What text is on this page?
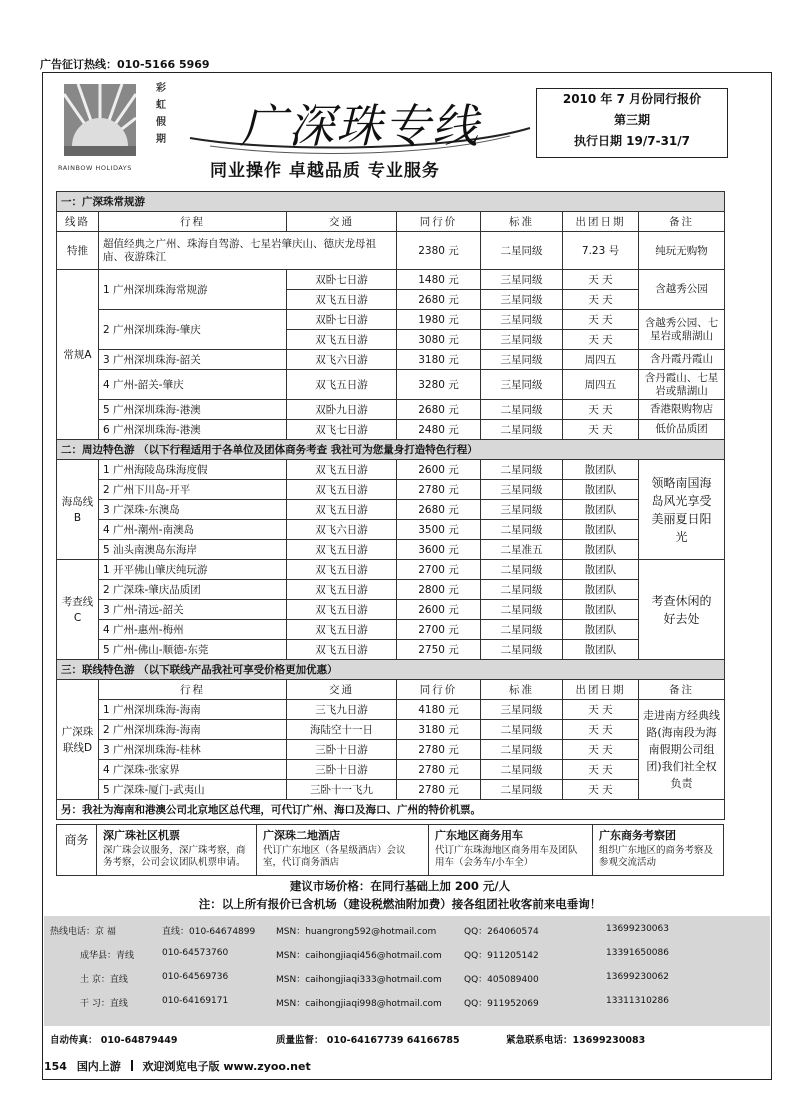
广告征订热线：010-5166 5969
彩虹假期
RAINBOW HOLIDAYS
广深珠专线
同业操作 卓越品质 专业服务
2010 年 7 月份同行报价
第三期
执行日期 19/7-31/7
一：广深珠常规游						
线路	行程	交通	同行价	标准	出团日期	备注
特推	超值经典之广州、珠海自驾游、七星岩肇庆山、德庆龙母祖庙、夜游珠江		2380 元	二星同级	7.23 号	纯玩无购物
常规A	1 广州深圳珠海常规游	双卧七日游	1480 元	三星同级	天 天	含越秀公园
		双飞五日游	2680 元	三星同级	天 天	
	2 广州深圳珠海-肇庆	双卧七日游	1980 元	三星同级	天 天	含越秀公园、七星岩或鼎湖山
		双飞五日游	3080 元	三星同级	天 天	
	3 广州深圳珠海-韶关	双飞六日游	3180 元	三星同级	周四五	含丹霞丹霞山
	4 广州-韶关-肇庆	双飞五日游	3280 元	三星同级	周四五	含丹霞山、七星岩或鼎湖山
	5 广州深圳珠海-港澳	双卧九日游	2680 元	二星同级	天 天	香港限购物店
	6 广州深圳珠海-港澳	双飞七日游	2480 元	二星同级	天 天	低价品质团
二：周边特色游 （以下行程适用于各单位及团体商务考查 我社可为您量身打造特色行程）						
海岛线B	1 广州海陵岛珠海度假	双飞五日游	2600 元	二星同级	散团队	领略南国海岛风光享受美丽夏日阳光
	2 广州下川岛-开平	双飞五日游	2780 元	三星同级	散团队	
	3 广深珠-东澳岛	双飞五日游	2680 元	三星同级	散团队	
	4 广州-潮州-南澳岛	双飞六日游	3500 元	二星同级	散团队	
	5 汕头南澳岛东海岸	双飞五日游	3600 元	二星准五	散团队	
考查线C	1 开平佛山肇庆纯玩游	双飞五日游	2700 元	二星同级	散团队	考查休闲的好去处
	2 广深珠-肇庆品质团	双飞五日游	2800 元	二星同级	散团队	
	3 广州-清远-韶关	双飞五日游	2600 元	二星同级	散团队	
	4 广州-惠州-梅州	双飞五日游	2700 元	二星同级	散团队	
	5 广州-佛山-顺德-东莞	双飞五日游	2750 元	二星同级	散团队	
三：联线特色游 （以下联线产品我社可享受价格更加优惠）						
广深珠联线D	行程	交通	同行价	标准	出团日期	备注
	1 广州深圳珠海-海南	三飞九日游	4180 元	三星同级	天 天	走进南方经典线路(海南段为海南假期公司组团)我们社全权负责
	2 广州深圳珠海-海南	海陆空十一日	3180 元	二星同级	天 天	
	3 广州深圳珠海-桂林	三卧十日游	2780 元	二星同级	天 天	
	4 广深珠-张家界	三卧十日游	2780 元	二星同级	天 天	
	5 广深珠-厦门-武夷山	三卧十一飞九	2780 元	二星同级	天 天	
另：我社为海南和港澳公司北京地区总代理，可代订广州、海口及海口、广州的特价机票。						
商务	深广珠社区机票
深广珠会议服务，深广珠考察，商务考察，公司会议团队机票申请。
广深珠二地酒店
代订广东地区（各星级酒店）会议室，代订商务酒店
广东地区商务用车
代订广东珠海地区商务用车及团队用车（会务车/小车全）
广东商务考察团
组织广东地区的商务考察及参观交流活动
建议市场价格：在同行基础上加 200 元/人
注：以上所有报价已含机场（建设税燃油附加费）接各组团社收客前来电垂询！
热线电话：京 福	直线：010-64674899 MSN：huangrong592@hotmail.com	QQ：264060574	13699230063
成华县：青线	010-64573760	MSN：caihongjiaqi456@hotmail.com QQ：911205142	13391650086
土 京：直线	010-64569736	MSN：caihongjiaqi333@hotmail.com QQ：405089400	13699230062
干 习：直线	010-64169171	MSN：caihongjiaqi998@hotmail.com QQ：911952069	13311310286
自动传真： 010-64879449	质量监督： 010-64167739 64166785	紧急联系电话：13699230083
154 国内上游 欢迎浏览电子版 www.zyoo.net
